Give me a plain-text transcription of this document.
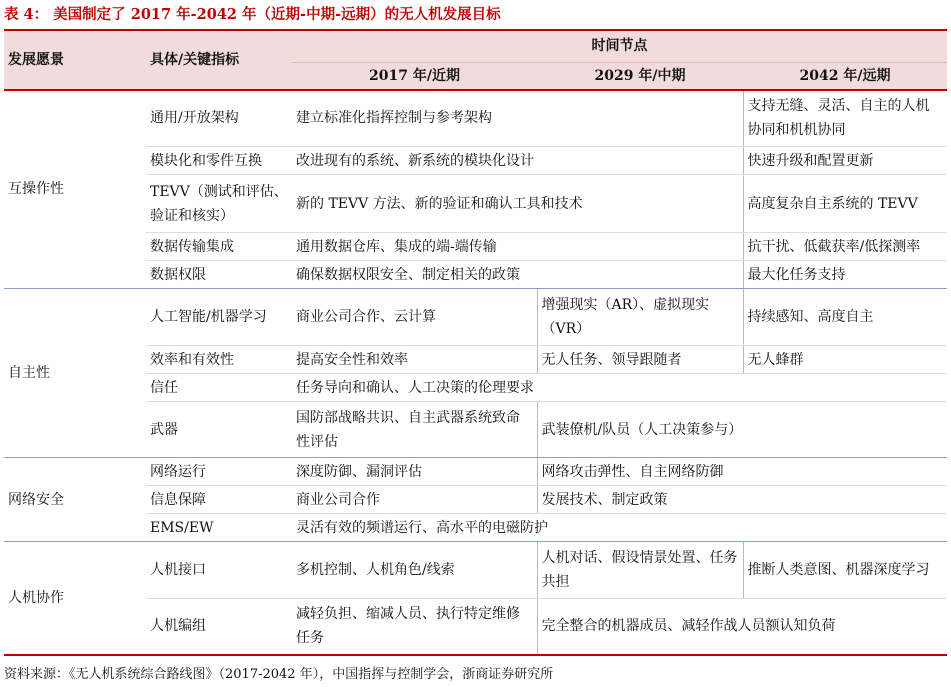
表 4： 美国制定了 2017 年-2042 年（近期-中期-远期）的无人机发展目标
发展愿景	具体/关键指标	时间节点		
		2017 年/近期	2029 年/中期	2042 年/远期
互操作性	通用/开放架构	建立标准化指挥控制与参考架构		支持无缝、灵活、自主的人机协同和机机协同
	模块化和零件互换	改进现有的系统、新系统的模块化设计		快速升级和配置更新
	TEVV（测试和评估、验证和核实）	新的 TEVV 方法、新的验证和确认工具和技术		高度复杂自主系统的 TEVV
	数据传输集成	通用数据仓库、集成的端-端传输		抗干扰、低截获率/低探测率
	数据权限	确保数据权限安全、制定相关的政策		最大化任务支持
自主性	人工智能/机器学习	商业公司合作、云计算	增强现实（AR）、虚拟现实（VR）	持续感知、高度自主
	效率和有效性	提高安全性和效率	无人任务、领导跟随者	无人蜂群
	信任	任务导向和确认、人工决策的伦理要求		
	武器	国防部战略共识、自主武器系统致命性评估	武装僚机/队员（人工决策参与）	
网络安全	网络运行	深度防御、漏洞评估	网络攻击弹性、自主网络防御	
	信息保障	商业公司合作	发展技术、制定政策	
	EMS/EW	灵活有效的频谱运行、高水平的电磁防护		
人机协作	人机接口	多机控制、人机角色/线索	人机对话、假设情景处置、任务共担	推断人类意图、机器深度学习
	人机编组	减轻负担、缩减人员、执行特定维修任务	完全整合的机器成员、减轻作战人员额认知负荷	
资料来源：《无人机系统综合路线图》（2017-2042 年），中国指挥与控制学会，浙商证券研究所
